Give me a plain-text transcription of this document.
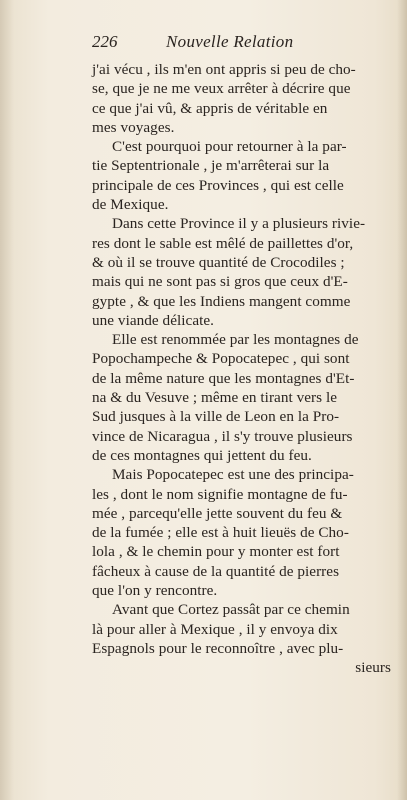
226	Nouvelle Relation
j'ai vécu , ils m'en ont appris si peu de cho-
se, que je ne me veux arrêter à décrire que
ce que j'ai vû, & appris de véritable en
mes voyages.
C'est pourquoi pour retourner à la par-
tie Septentrionale , je m'arrêterai sur la
principale de ces Provinces , qui est celle
de Mexique.
Dans cette Province il y a plusieurs rivie-
res dont le sable est mêlé de paillettes d'or,
& où il se trouve quantité de Crocodiles ;
mais qui ne sont pas si gros que ceux d'E-
gypte , & que les Indiens mangent comme
une viande délicate.
Elle est renommée par les montagnes de
Popochampeche & Popocatepec , qui sont
de la même nature que les montagnes d'Et-
na & du Vesuve ; même en tirant vers le
Sud jusques à la ville de Leon en la Pro-
vince de Nicaragua , il s'y trouve plusieurs
de ces montagnes qui jettent du feu.
Mais Popocatepec est une des principa-
les , dont le nom signifie montagne de fu-
mée , parcequ'elle jette souvent du feu &
de la fumée ; elle est à huit lieuës de Cho-
lola , & le chemin pour y monter est fort
fâcheux à cause de la quantité de pierres
que l'on y rencontre.
Avant que Cortez passât par ce chemin
là pour aller à Mexique , il y envoya dix
Espagnols pour le reconnoître , avec plu-
sieurs
